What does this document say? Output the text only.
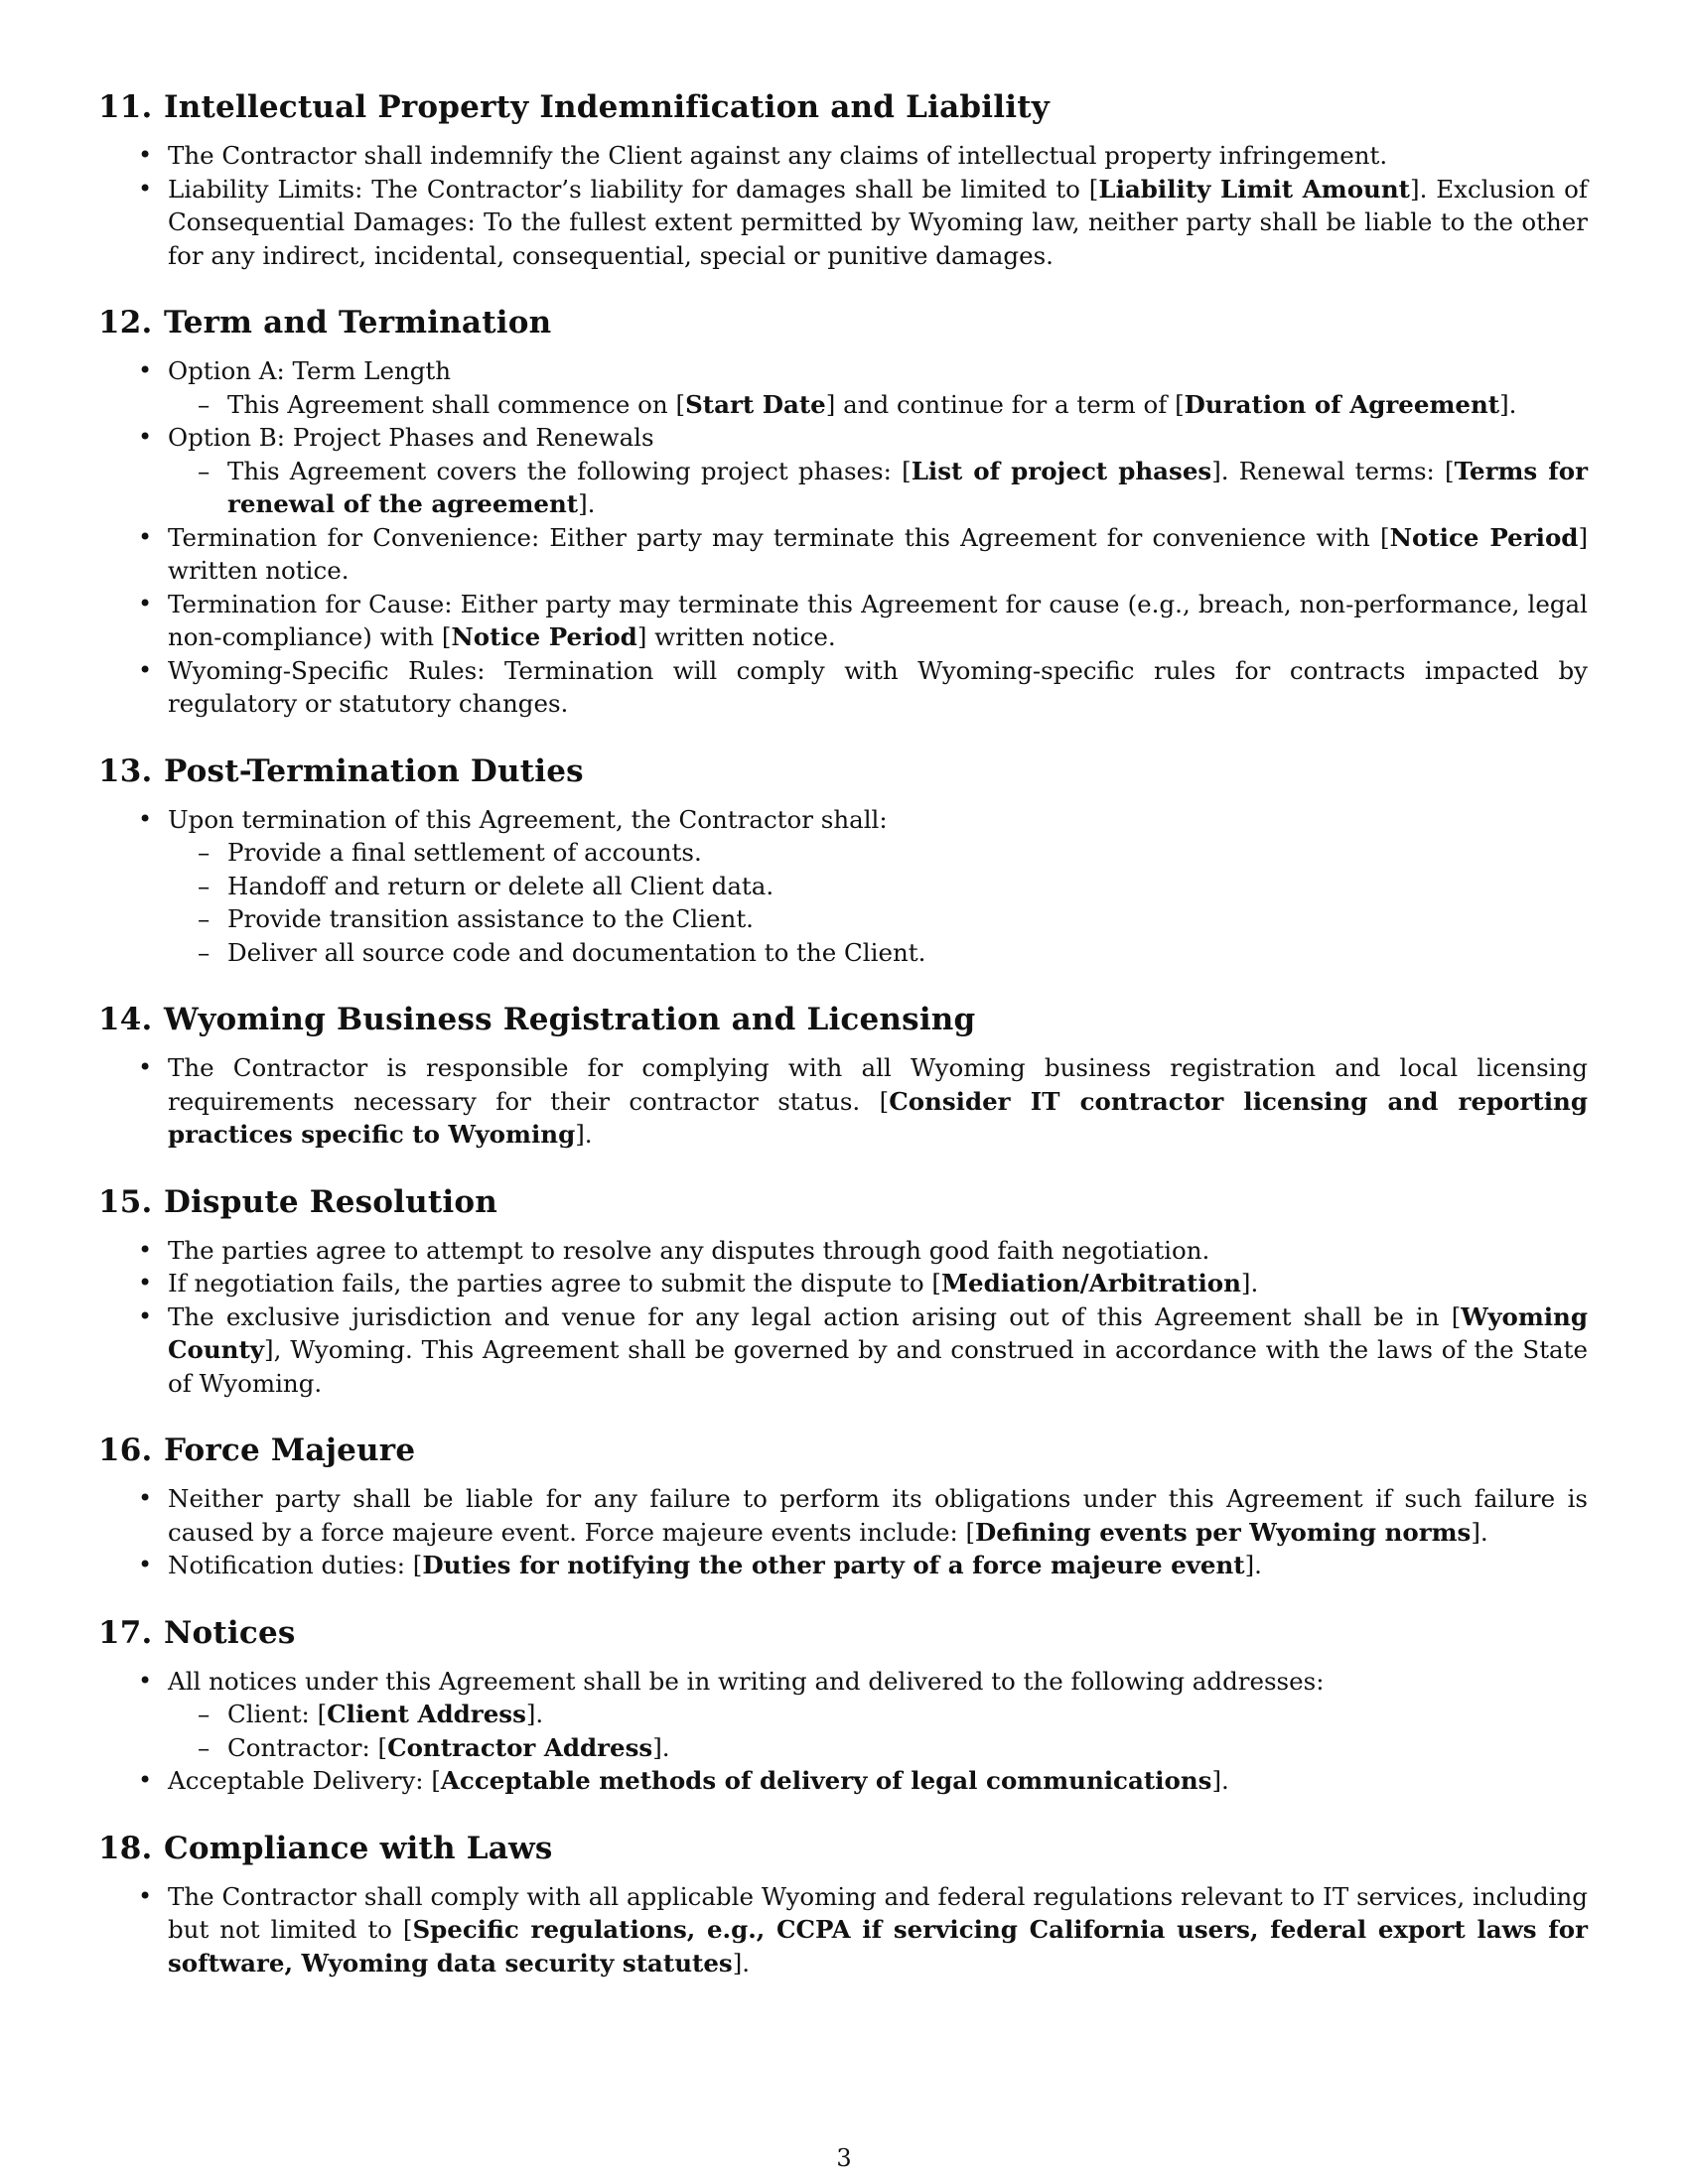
11. Intellectual Property Indemnification and Liability
• The Contractor shall indemnify the Client against any claims of intellectual property infringement.
• Liability Limits: The Contractor’s liability for damages shall be limited to [Liability Limit Amount]. Exclusion of Consequential Damages: To the fullest extent permitted by Wyoming law, neither party shall be liable to the other for any indirect, incidental, consequential, special or punitive damages.
12. Term and Termination
• Option A: Term Length
– This Agreement shall commence on [Start Date] and continue for a term of [Duration of Agreement].
• Option B: Project Phases and Renewals
– This Agreement covers the following project phases: [List of project phases]. Renewal terms: [Terms for renewal of the agreement].
• Termination for Convenience: Either party may terminate this Agreement for convenience with [Notice Period] written notice.
• Termination for Cause: Either party may terminate this Agreement for cause (e.g., breach, non-performance, legal non-compliance) with [Notice Period] written notice.
• Wyoming-Specific Rules: Termination will comply with Wyoming-specific rules for contracts impacted by regulatory or statutory changes.
13. Post-Termination Duties
• Upon termination of this Agreement, the Contractor shall:
– Provide a final settlement of accounts.
– Handoff and return or delete all Client data.
– Provide transition assistance to the Client.
– Deliver all source code and documentation to the Client.
14. Wyoming Business Registration and Licensing
• The Contractor is responsible for complying with all Wyoming business registration and local licensing requirements necessary for their contractor status. [Consider IT contractor licensing and reporting practices specific to Wyoming].
15. Dispute Resolution
• The parties agree to attempt to resolve any disputes through good faith negotiation.
• If negotiation fails, the parties agree to submit the dispute to [Mediation/Arbitration].
• The exclusive jurisdiction and venue for any legal action arising out of this Agreement shall be in [Wyoming County], Wyoming. This Agreement shall be governed by and construed in accordance with the laws of the State of Wyoming.
16. Force Majeure
• Neither party shall be liable for any failure to perform its obligations under this Agreement if such failure is caused by a force majeure event. Force majeure events include: [Defining events per Wyoming norms].
• Notification duties: [Duties for notifying the other party of a force majeure event].
17. Notices
• All notices under this Agreement shall be in writing and delivered to the following addresses:
– Client: [Client Address].
– Contractor: [Contractor Address].
• Acceptable Delivery: [Acceptable methods of delivery of legal communications].
18. Compliance with Laws
• The Contractor shall comply with all applicable Wyoming and federal regulations relevant to IT services, including but not limited to [Specific regulations, e.g., CCPA if servicing California users, federal export laws for software, Wyoming data security statutes].
3
